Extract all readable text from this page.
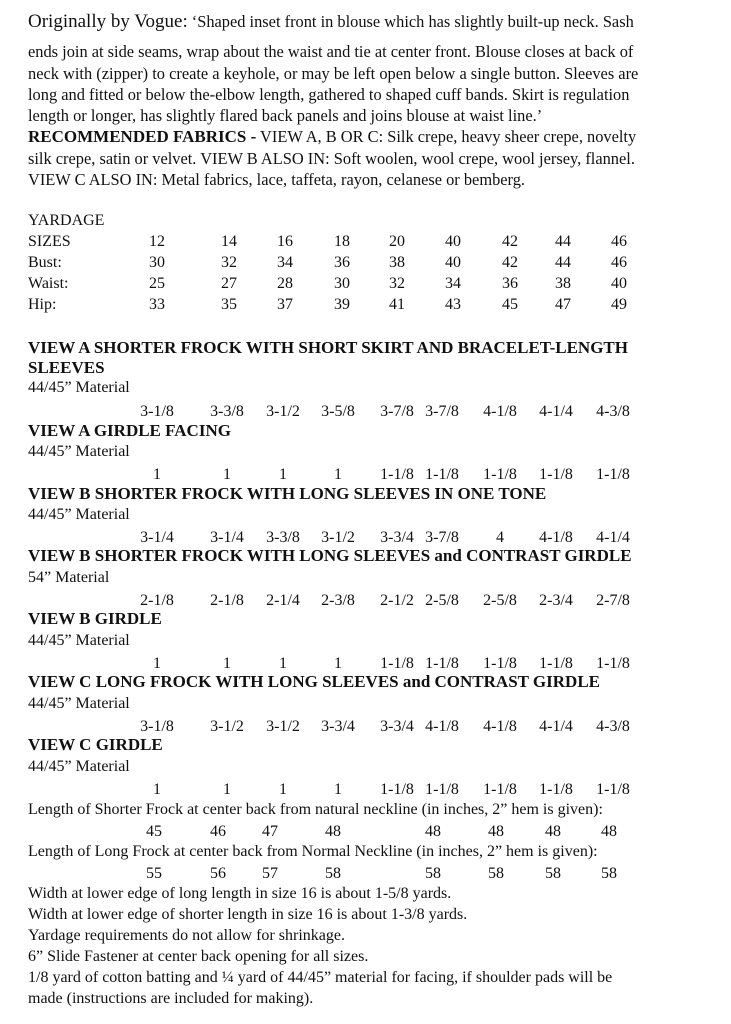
Originally by Vogue: ‘Shaped inset front in blouse which has slightly built-up neck. Sash
ends join at side seams, wrap about the waist and tie at center front. Blouse closes at back of
neck with (zipper) to create a keyhole, or may be left open below a single button. Sleeves are
long and fitted or below the-elbow length, gathered to shaped cuff bands. Skirt is regulation
length or longer, has slightly flared back panels and joins blouse at waist line.’
RECOMMENDED FABRICS - VIEW A, B OR C: Silk crepe, heavy sheer crepe, novelty
silk crepe, satin or velvet. VIEW B ALSO IN: Soft woolen, wool crepe, wool jersey, flannel.
VIEW C ALSO IN: Metal fabrics, lace, taffeta, rayon, celanese or bemberg.
YARDAGE
SIZES	12	14	16	18 20	40	42 44	46
Bust:	30	32	34	36 38	40	42 44	46
Waist:	25	27	28	30 32	34	36 38	40
Hip:	33	35	37	39 41	43	45 47	49
VIEW A SHORTER FROCK WITH SHORT SKIRT AND BRACELET-LENGTH
SLEEVES
44/45” Material
3-1/8 3-3/8 3-1/2 3-5/8 3-7/8 3-7/8 4-1/8 4-1/4 4-3/8
VIEW A GIRDLE FACING
44/45” Material
1	1	1	1 1-1/8 1-1/8 1-1/8 1-1/8 1-1/8
VIEW B SHORTER FROCK WITH LONG SLEEVES IN ONE TONE
44/45” Material
3-1/4 3-1/4 3-3/8 3-1/2 3-3/4 3-7/8 4 4-1/8 4-1/4
VIEW B SHORTER FROCK WITH LONG SLEEVES and CONTRAST GIRDLE
54” Material
2-1/8 2-1/8 2-1/4 2-3/8 2-1/2 2-5/8 2-5/8 2-3/4 2-7/8
VIEW B GIRDLE
44/45” Material
1	1	1	1 1-1/8 1-1/8 1-1/8 1-1/8 1-1/8
VIEW C LONG FROCK WITH LONG SLEEVES and CONTRAST GIRDLE
44/45” Material
3-1/8 3-1/2 3-1/2 3-3/4 3-3/4 4-1/8 4-1/8 4-1/4 4-3/8
VIEW C GIRDLE
44/45” Material
1	1	1	1 1-1/8 1-1/8 1-1/8 1-1/8 1-1/8
Length of Shorter Frock at center back from natural neckline (in inches, 2” hem is given):
45	46 47	48	48	48	48	48
Length of Long Frock at center back from Normal Neckline (in inches, 2” hem is given):
55	56 57	58	58	58	58	58
Width at lower edge of long length in size 16 is about 1-5/8 yards.
Width at lower edge of shorter length in size 16 is about 1-3/8 yards.
Yardage requirements do not allow for shrinkage.
6” Slide Fastener at center back opening for all sizes.
1/8 yard of cotton batting and ¼ yard of 44/45” material for facing, if shoulder pads will be
made (instructions are included for making).
